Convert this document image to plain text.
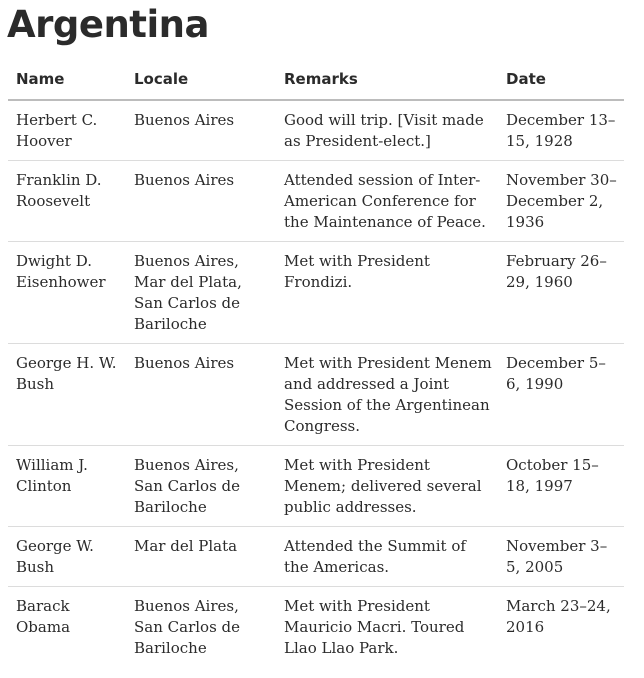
Argentina
Name	Locale	Remarks	Date
Herbert C. Hoover	Buenos Aires	Good will trip. [Visit made as President-elect.]	December 13–15, 1928
Franklin D. Roosevelt	Buenos Aires	Attended session of Inter-American Conference for the Maintenance of Peace.	November 30–December 2, 1936
Dwight D. Eisenhower	Buenos Aires, Mar del Plata, San Carlos de Bariloche	Met with President Frondizi.	February 26–29, 1960
George H. W. Bush	Buenos Aires	Met with President Menem and addressed a Joint Session of the Argentinean Congress.	December 5–6, 1990
William J. Clinton	Buenos Aires, San Carlos de Bariloche	Met with President Menem; delivered several public addresses.	October 15–18, 1997
George W. Bush	Mar del Plata	Attended the Summit of the Americas.	November 3–5, 2005
Barack Obama	Buenos Aires, San Carlos de Bariloche	Met with President Mauricio Macri. Toured Llao Llao Park.	March 23–24, 2016
